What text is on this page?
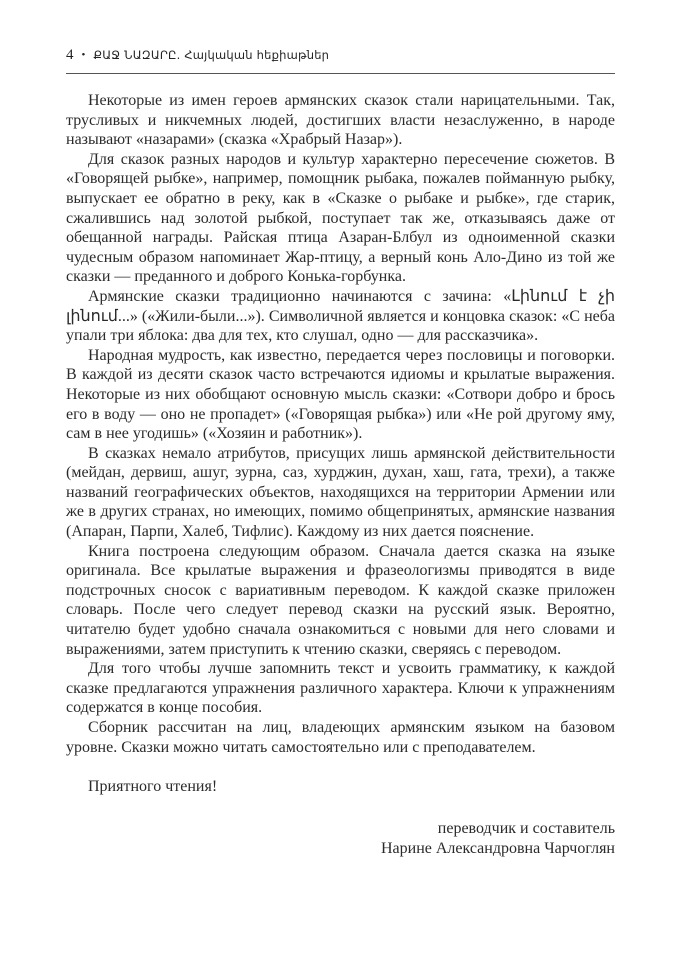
4 • ՔԱՋ ՆԱԶԱՐԸ. Հայկական հեքիաթներ

Некоторые из имен героев армянских сказок стали нарицательными. Так, трусливых и никчемных людей, достигших власти незаслуженно, в народе называют «назарами» (сказка «Храбрый Назар»).

Для сказок разных народов и культур характерно пересечение сюжетов. В «Говорящей рыбке», например, помощник рыбака, пожалев пойманную рыбку, выпускает ее обратно в реку, как в «Сказке о рыбаке и рыбке», где старик, сжалившись над золотой рыбкой, поступает так же, отказываясь даже от обещанной награды. Райская птица Азаран-Блбул из одноименной сказки чудесным образом напоминает Жар-птицу, а верный конь Ало-Дино из той же сказки — преданного и доброго Конька-горбунка.

Армянские сказки традиционно начинаются с зачина: «Լինում է չի լինում...» («Жили-были...»). Символичной является и концовка сказок: «С неба упали три яблока: два для тех, кто слушал, одно — для рассказчика».

Народная мудрость, как известно, передается через пословицы и поговорки. В каждой из десяти сказок часто встречаются идиомы и крылатые выражения. Некоторые из них обобщают основную мысль сказки: «Сотвори добро и брось его в воду — оно не пропадет» («Говорящая рыбка») или «Не рой другому яму, сам в нее угодишь» («Хозяин и работник»).

В сказках немало атрибутов, присущих лишь армянской действительности (мейдан, дервиш, ашуг, зурна, саз, хурджин, духан, хаш, гата, трехи), а также названий географических объектов, находящихся на территории Армении или же в других странах, но имеющих, помимо общепринятых, армянские названия (Апаран, Парпи, Халеб, Тифлис). Каждому из них дается пояснение.

Книга построена следующим образом. Сначала дается сказка на языке оригинала. Все крылатые выражения и фразеологизмы приводятся в виде подстрочных сносок с вариативным переводом. К каждой сказке приложен словарь. После чего следует перевод сказки на русский язык. Вероятно, читателю будет удобно сначала ознакомиться с новыми для него словами и выражениями, затем приступить к чтению сказки, сверяясь с переводом.

Для того чтобы лучше запомнить текст и усвоить грамматику, к каждой сказке предлагаются упражнения различного характера. Ключи к упражнениям содержатся в конце пособия.

Сборник рассчитан на лиц, владеющих армянским языком на базовом уровне. Сказки можно читать самостоятельно или с преподавателем.

Приятного чтения!

переводчик и составитель
Нарине Александровна Чарчоглян
